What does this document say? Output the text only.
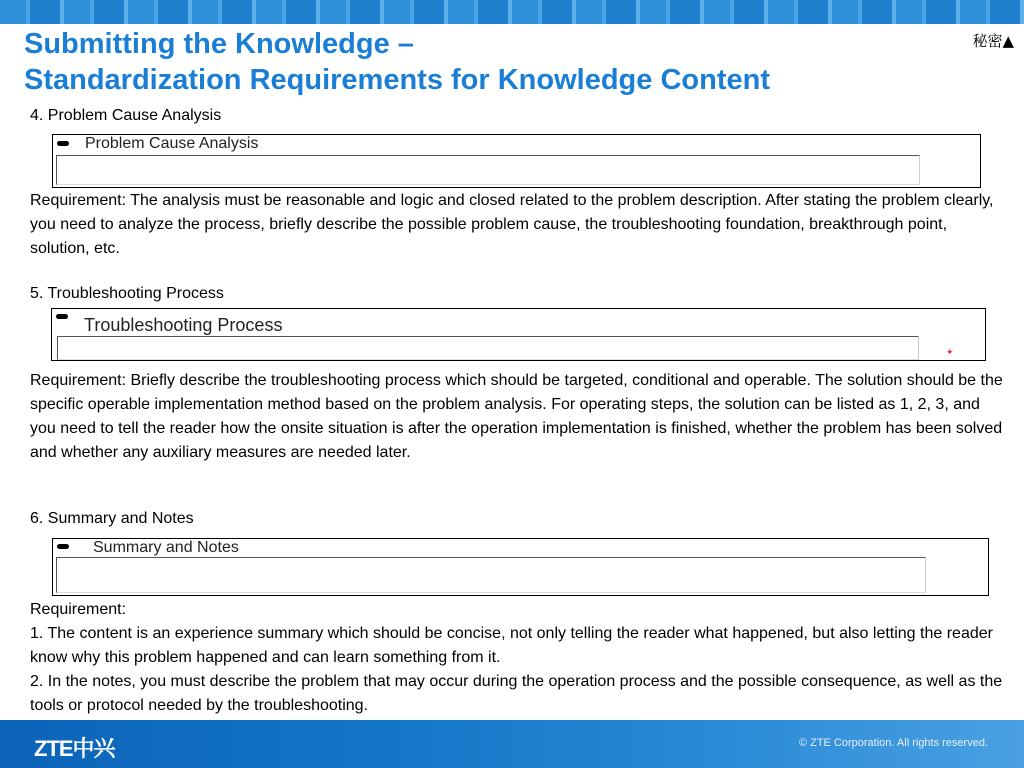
Submitting the Knowledge –
Standardization Requirements for Knowledge Content
秘密▲
4. Problem Cause Analysis
Problem Cause Analysis
Requirement: The analysis must be reasonable and logic and closed related to the problem description. After stating the problem clearly, you need to analyze the process, briefly describe the possible problem cause, the troubleshooting foundation, breakthrough point, solution, etc.
5. Troubleshooting Process
Troubleshooting Process
✦
Requirement: Briefly describe the troubleshooting process which should be targeted, conditional and operable. The solution should be the specific operable implementation method based on the problem analysis. For operating steps, the solution can be listed as 1, 2, 3, and you need to tell the reader how the onsite situation is after the operation implementation is finished, whether the problem has been solved and whether any auxiliary measures are needed later.
6. Summary and Notes
Summary and Notes
Requirement:
1. The content is an experience summary which should be concise, not only telling the reader what happened, but also letting the reader know why this problem happened and can learn something from it.
2. In the notes, you must describe the problem that may occur during the operation process and the possible consequence, as well as the tools or protocol needed by the troubleshooting.
ZTE中兴	© ZTE Corporation. All rights reserved.
